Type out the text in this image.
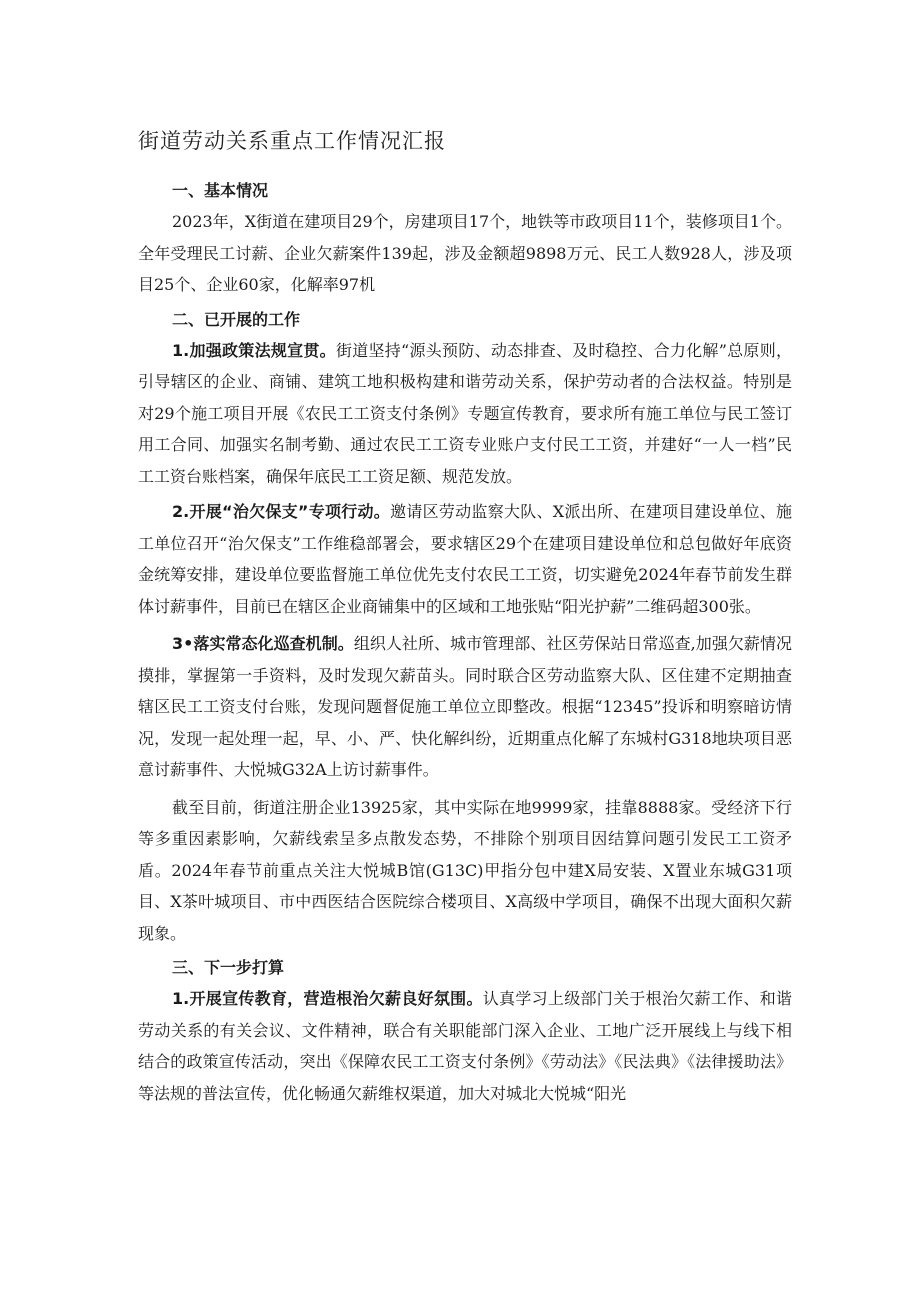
街道劳动关系重点工作情况汇报
一、基本情况

2023年，X街道在建项目29个，房建项目17个，地铁等市政项目11个，装修项目1个。全年受理民工讨薪、企业欠薪案件139起，涉及金额超9898万元、民工人数928人，涉及项目25个、企业60家，化解率97机

二、已开展的工作

1.加强政策法规宣贯。街道坚持“源头预防、动态排查、及时稳控、合力化解”总原则，引导辖区的企业、商铺、建筑工地积极构建和谐劳动关系，保护劳动者的合法权益。特别是对29个施工项目开展《农民工工资支付条例》专题宣传教育，要求所有施工单位与民工签订用工合同、加强实名制考勤、通过农民工工资专业账户支付民工工资，并建好“一人一档”民工工资台账档案，确保年底民工工资足额、规范发放。

2.开展“治欠保支”专项行动。邀请区劳动监察大队、X派出所、在建项目建设单位、施工单位召开“治欠保支”工作维稳部署会，要求辖区29个在建项目建设单位和总包做好年底资金统筹安排，建设单位要监督施工单位优先支付农民工工资，切实避免2024年春节前发生群体讨薪事件，目前已在辖区企业商铺集中的区域和工地张贴“阳光护薪”二维码超300张。

3•落实常态化巡查机制。组织人社所、城市管理部、社区劳保站日常巡查,加强欠薪情况摸排，掌握第一手资料，及时发现欠薪苗头。同时联合区劳动监察大队、区住建不定期抽查辖区民工工资支付台账，发现问题督促施工单位立即整改。根据“12345”投诉和明察暗访情况，发现一起处理一起，早、小、严、快化解纠纷，近期重点化解了东城村G318地块项目恶意讨薪事件、大悦城G32A上访讨薪事件。

截至目前，街道注册企业13925家，其中实际在地9999家，挂靠8888家。受经济下行等多重因素影响，欠薪线索呈多点散发态势，不排除个别项目因结算问题引发民工工资矛盾。2024年春节前重点关注大悦城B馆(G13C)甲指分包中建X局安装、X置业东城G31项目、X茶叶城项目、市中西医结合医院综合楼项目、X高级中学项目，确保不出现大面积欠薪现象。

三、下一步打算

1.开展宣传教育，营造根治欠薪良好氛围。认真学习上级部门关于根治欠薪工作、和谐劳动关系的有关会议、文件精神，联合有关职能部门深入企业、工地广泛开展线上与线下相结合的政策宣传活动，突出《保障农民工工资支付条例》《劳动法》《民法典》《法律援助法》等法规的普法宣传，优化畅通欠薪维权渠道，加大对城北大悦城“阳光
